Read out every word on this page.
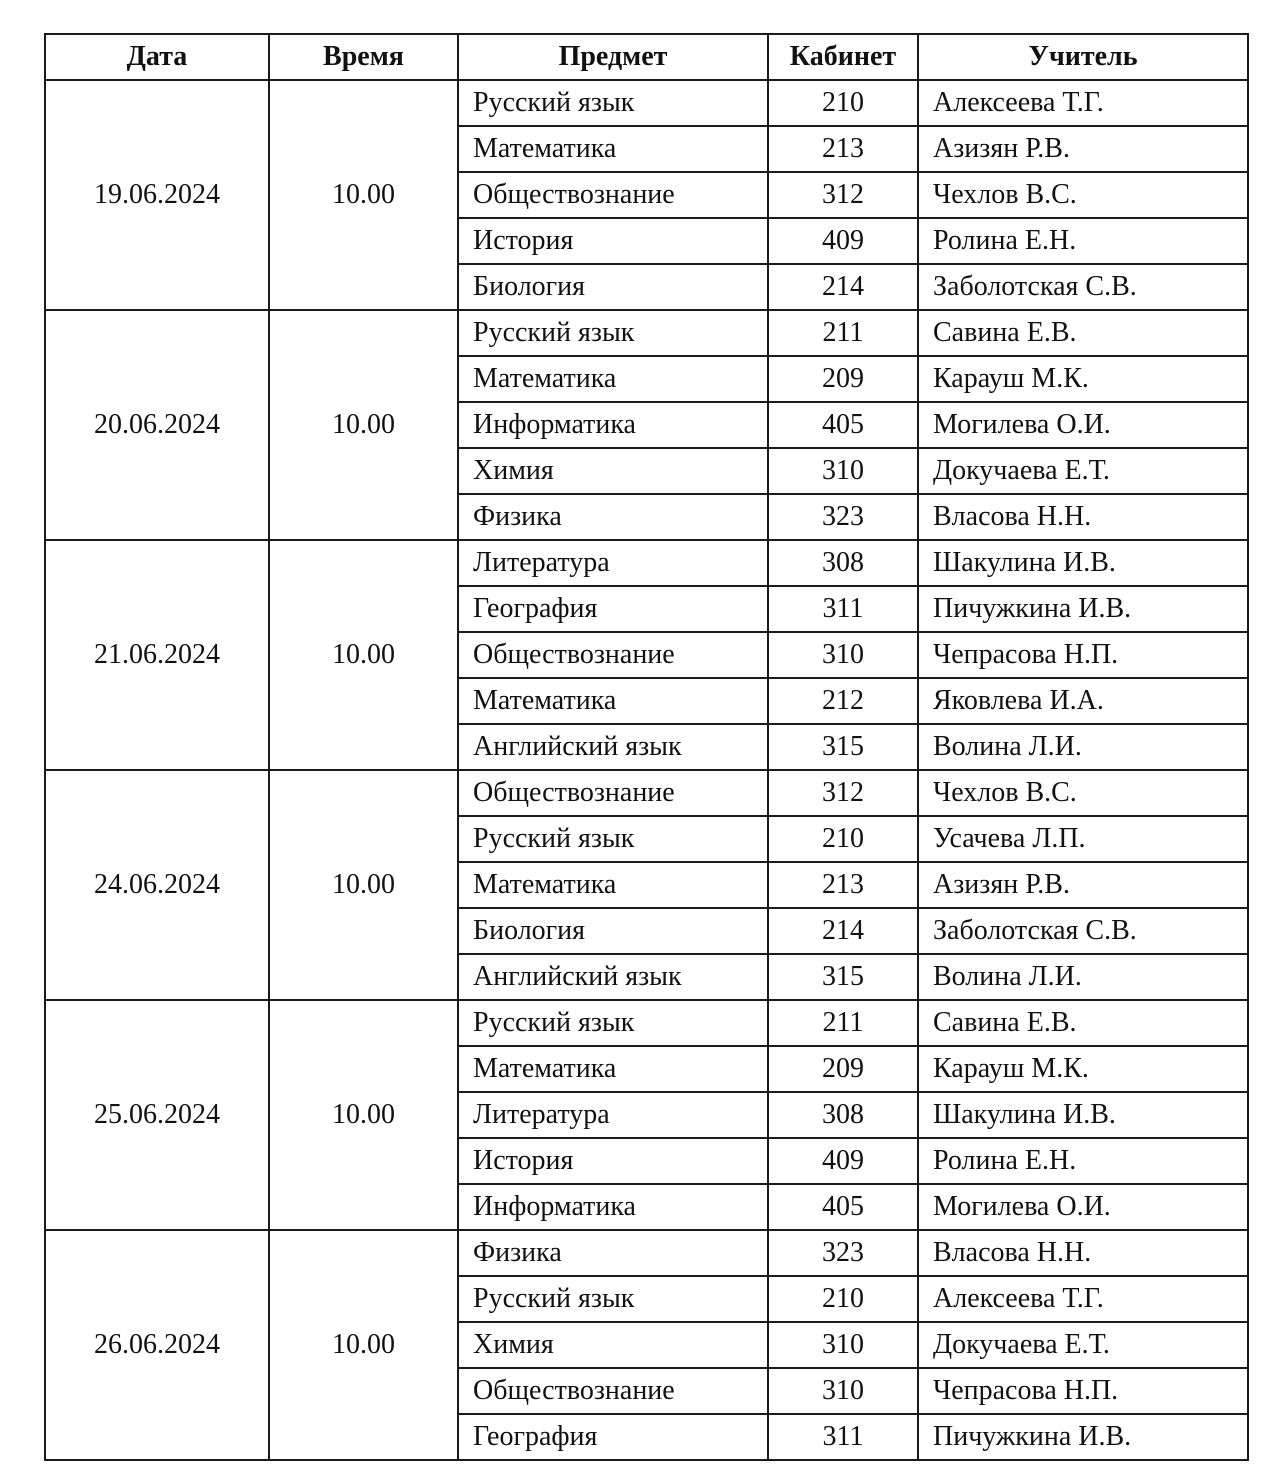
Дата	Время	Предмет	Кабинет	Учитель
19.06.2024	10.00	Русский язык	210	Алексеева Т.Г.
		Математика	213	Азизян Р.В.
		Обществознание	312	Чехлов В.С.
		История	409	Ролина Е.Н.
		Биология	214	Заболотская С.В.
20.06.2024	10.00	Русский язык	211	Савина Е.В.
		Математика	209	Карауш М.К.
		Информатика	405	Могилева О.И.
		Химия	310	Докучаева Е.Т.
		Физика	323	Власова Н.Н.
21.06.2024	10.00	Литература	308	Шакулина И.В.
		География	311	Пичужкина И.В.
		Обществознание	310	Чепрасова Н.П.
		Математика	212	Яковлева И.А.
		Английский язык	315	Волина Л.И.
24.06.2024	10.00	Обществознание	312	Чехлов В.С.
		Русский язык	210	Усачева Л.П.
		Математика	213	Азизян Р.В.
		Биология	214	Заболотская С.В.
		Английский язык	315	Волина Л.И.
25.06.2024	10.00	Русский язык	211	Савина Е.В.
		Математика	209	Карауш М.К.
		Литература	308	Шакулина И.В.
		История	409	Ролина Е.Н.
		Информатика	405	Могилева О.И.
26.06.2024	10.00	Физика	323	Власова Н.Н.
		Русский язык	210	Алексеева Т.Г.
		Химия	310	Докучаева Е.Т.
		Обществознание	310	Чепрасова Н.П.
		География	311	Пичужкина И.В.
